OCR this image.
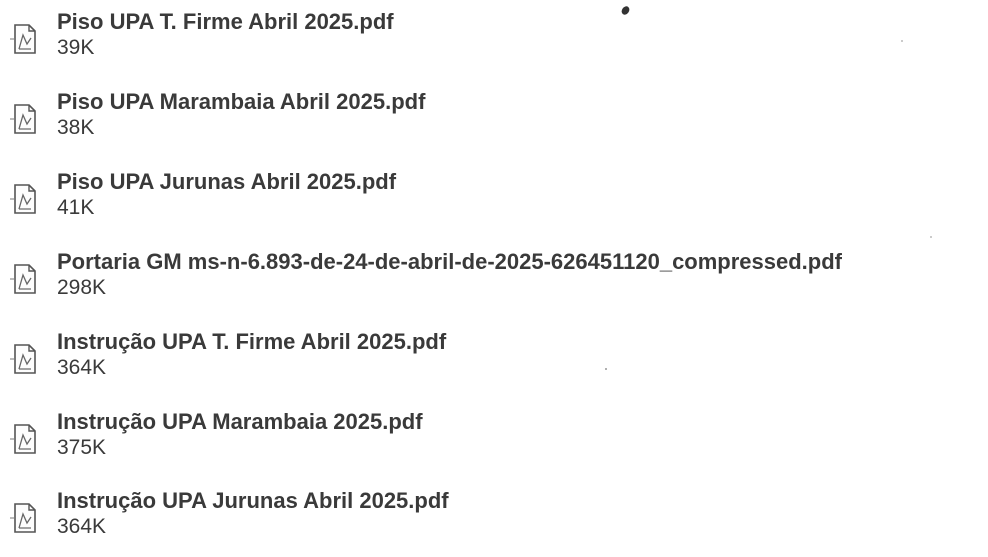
Piso UPA T. Firme Abril 2025.pdf
39K
Piso UPA Marambaia Abril 2025.pdf
38K
Piso UPA Jurunas Abril 2025.pdf
41K
Portaria GM ms-n-6.893-de-24-de-abril-de-2025-626451120_compressed.pdf
298K
Instrução UPA T. Firme Abril 2025.pdf
364K
Instrução UPA Marambaia 2025.pdf
375K
Instrução UPA Jurunas Abril 2025.pdf
364K
